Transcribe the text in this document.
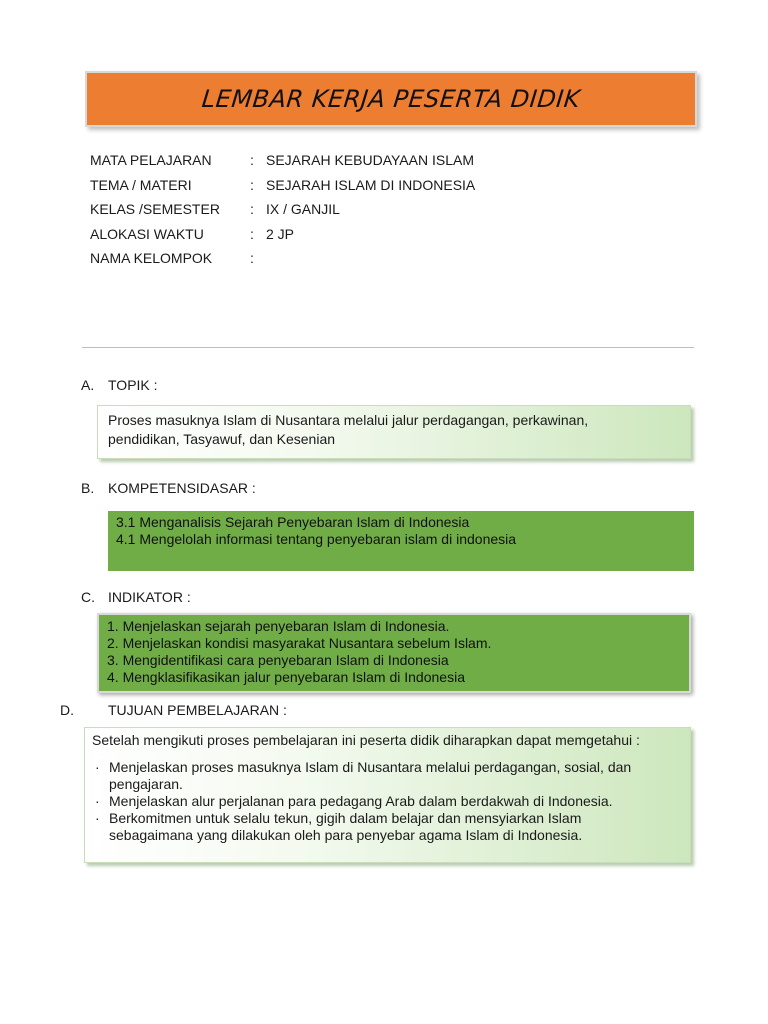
LEMBAR KERJA PESERTA DIDIK
MATA PELAJARAN	: SEJARAH KEBUDAYAAN ISLAM
TEMA / MATERI	: SEJARAH ISLAM DI INDONESIA
KELAS /SEMESTER	: IX / GANJIL
ALOKASI WAKTU	: 2 JP
NAMA KELOMPOK	:
A. TOPIK :
Proses masuknya Islam di Nusantara melalui jalur perdagangan, perkawinan,
pendidikan, Tasyawuf, dan Kesenian
B. KOMPETENSIDASAR :
3.1 Menganalisis Sejarah Penyebaran Islam di Indonesia
4.1 Mengelolah informasi tentang penyebaran islam di indonesia
C. INDIKATOR :
1. Menjelaskan sejarah penyebaran Islam di Indonesia.
2. Menjelaskan kondisi masyarakat Nusantara sebelum Islam.
3. Mengidentifikasi cara penyebaran Islam di Indonesia
4. Mengklasifikasikan jalur penyebaran Islam di Indonesia
D. TUJUAN PEMBELAJARAN :
Setelah mengikuti proses pembelajaran ini peserta didik diharapkan dapat memgetahui :
· Menjelaskan proses masuknya Islam di Nusantara melalui perdagangan, sosial, dan
pengajaran.
· Menjelaskan alur perjalanan para pedagang Arab dalam berdakwah di Indonesia.
· Berkomitmen untuk selalu tekun, gigih dalam belajar dan mensyiarkan Islam
sebagaimana yang dilakukan oleh para penyebar agama Islam di Indonesia.
